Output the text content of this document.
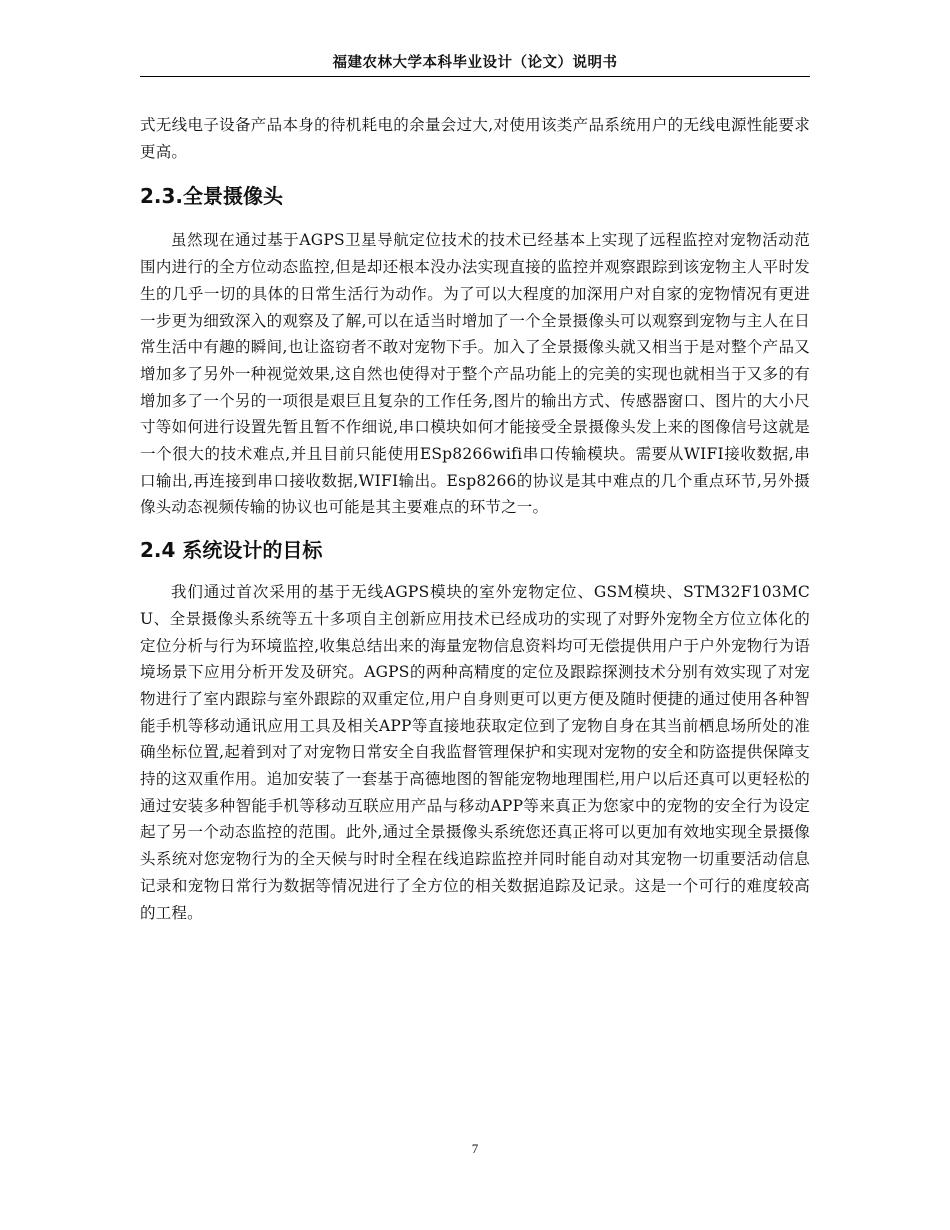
福建农林大学本科毕业设计（论文）说明书

式无线电子设备产品本身的待机耗电的余量会过大,对使用该类产品系统用户的无线电源性能要求更高。

2.3.全景摄像头

虽然现在通过基于AGPS卫星导航定位技术的技术已经基本上实现了远程监控对宠物活动范围内进行的全方位动态监控,但是却还根本没办法实现直接的监控并观察跟踪到该宠物主人平时发生的几乎一切的具体的日常生活行为动作。为了可以大程度的加深用户对自家的宠物情况有更进一步更为细致深入的观察及了解,可以在适当时增加了一个全景摄像头可以观察到宠物与主人在日常生活中有趣的瞬间,也让盗窃者不敢对宠物下手。加入了全景摄像头就又相当于是对整个产品又增加多了另外一种视觉效果,这自然也使得对于整个产品功能上的完美的实现也就相当于又多的有增加多了一个另的一项很是艰巨且复杂的工作任务,图片的输出方式、传感器窗口、图片的大小尺寸等如何进行设置先暂且暂不作细说,串口模块如何才能接受全景摄像头发上来的图像信号这就是一个很大的技术难点,并且目前只能使用ESp8266wifi串口传输模块。需要从WIFI接收数据,串口输出,再连接到串口接收数据,WIFI输出。Esp8266的协议是其中难点的几个重点环节,另外摄像头动态视频传输的协议也可能是其主要难点的环节之一。

2.4 系统设计的目标

我们通过首次采用的基于无线AGPS模块的室外宠物定位、GSM模块、STM32F103MCU、全景摄像头系统等五十多项自主创新应用技术已经成功的实现了对野外宠物全方位立体化的定位分析与行为环境监控,收集总结出来的海量宠物信息资料均可无偿提供用户于户外宠物行为语境场景下应用分析开发及研究。AGPS的两种高精度的定位及跟踪探测技术分别有效实现了对宠物进行了室内跟踪与室外跟踪的双重定位,用户自身则更可以更方便及随时便捷的通过使用各种智能手机等移动通讯应用工具及相关APP等直接地获取定位到了宠物自身在其当前栖息场所处的准确坐标位置,起着到对了对宠物日常安全自我监督管理保护和实现对宠物的安全和防盗提供保障支持的这双重作用。追加安装了一套基于高德地图的智能宠物地理围栏,用户以后还真可以更轻松的通过安装多种智能手机等移动互联应用产品与移动APP等来真正为您家中的宠物的安全行为设定起了另一个动态监控的范围。此外,通过全景摄像头系统您还真正将可以更加有效地实现全景摄像头系统对您宠物行为的全天候与时时全程在线追踪监控并同时能自动对其宠物一切重要活动信息记录和宠物日常行为数据等情况进行了全方位的相关数据追踪及记录。这是一个可行的难度较高的工程。

7
